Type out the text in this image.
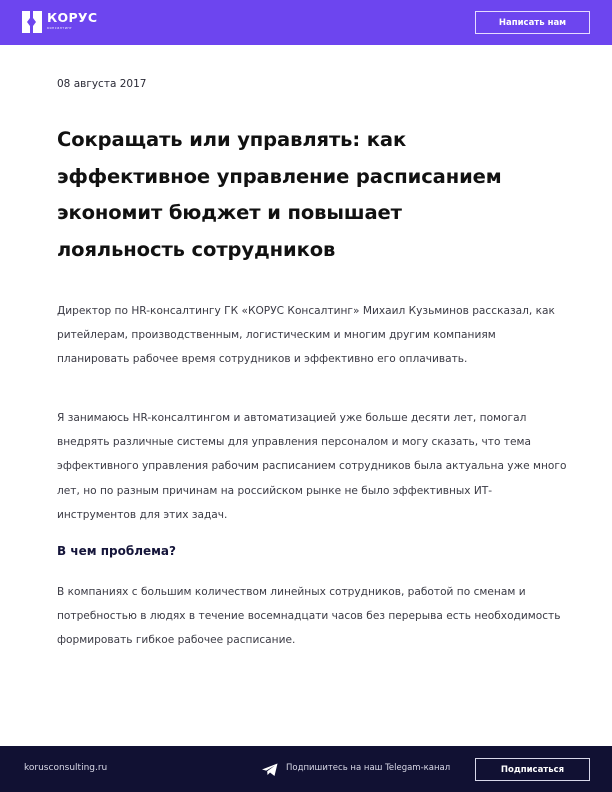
КОРУС
консалтинг
Написать нам
08 августа 2017
Сокращать или управлять: как
эффективное управление расписанием
экономит бюджет и повышает
лояльность сотрудников

Директор по HR-консалтингу ГК «КОРУС Консалтинг» Михаил Кузьминов рассказал, как ритейлерам, производственным, логистическим и многим другим компаниям планировать рабочее время сотрудников и эффективно его оплачивать.

Я занимаюсь HR-консалтингом и автоматизацией уже больше десяти лет, помогал внедрять различные системы для управления персоналом и могу сказать, что тема эффективного управления рабочим расписанием сотрудников была актуальна уже много лет, но по разным причинам на российском рынке не было эффективных ИТ-инструментов для этих задач.

В чем проблема?

В компаниях с большим количеством линейных сотрудников, работой по сменам и потребностью в людях в течение восемнадцати часов без перерыва есть необходимость формировать гибкое рабочее расписание.

korusconsulting.ru	Подпишитесь на наш Telegam-канал	Подписаться
